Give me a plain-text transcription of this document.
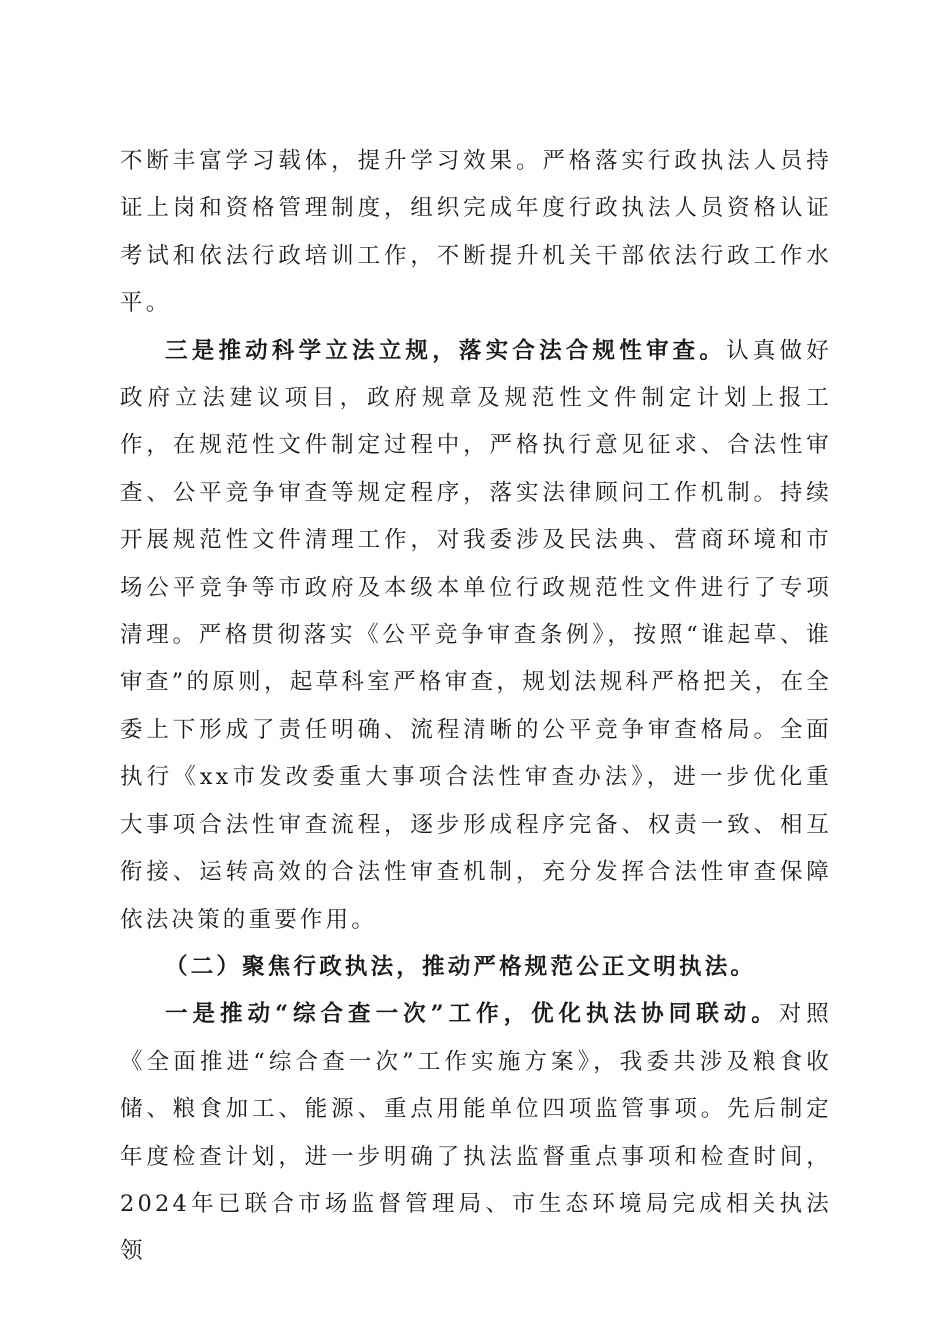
不断丰富学习载体，提升学习效果。严格落实行政执法人员持证上岗和资格管理制度，组织完成年度行政执法人员资格认证考试和依法行政培训工作，不断提升机关干部依法行政工作水平。

三是推动科学立法立规，落实合法合规性审查。认真做好政府立法建议项目，政府规章及规范性文件制定计划上报工作，在规范性文件制定过程中，严格执行意见征求、合法性审查、公平竞争审查等规定程序，落实法律顾问工作机制。持续开展规范性文件清理工作，对我委涉及民法典、营商环境和市场公平竞争等市政府及本级本单位行政规范性文件进行了专项清理。严格贯彻落实《公平竞争审查条例》，按照“谁起草、谁审查”的原则，起草科室严格审查，规划法规科严格把关，在全委上下形成了责任明确、流程清晰的公平竞争审查格局。全面执行《xx市发改委重大事项合法性审查办法》，进一步优化重大事项合法性审查流程，逐步形成程序完备、权责一致、相互衔接、运转高效的合法性审查机制，充分发挥合法性审查保障依法决策的重要作用。

（二）聚焦行政执法，推动严格规范公正文明执法。

一是推动“综合查一次”工作，优化执法协同联动。对照《全面推进“综合查一次”工作实施方案》，我委共涉及粮食收储、粮食加工、能源、重点用能单位四项监管事项。先后制定年度检查计划，进一步明确了执法监督重点事项和检查时间，2024年已联合市场监督管理局、市生态环境局完成相关执法领
